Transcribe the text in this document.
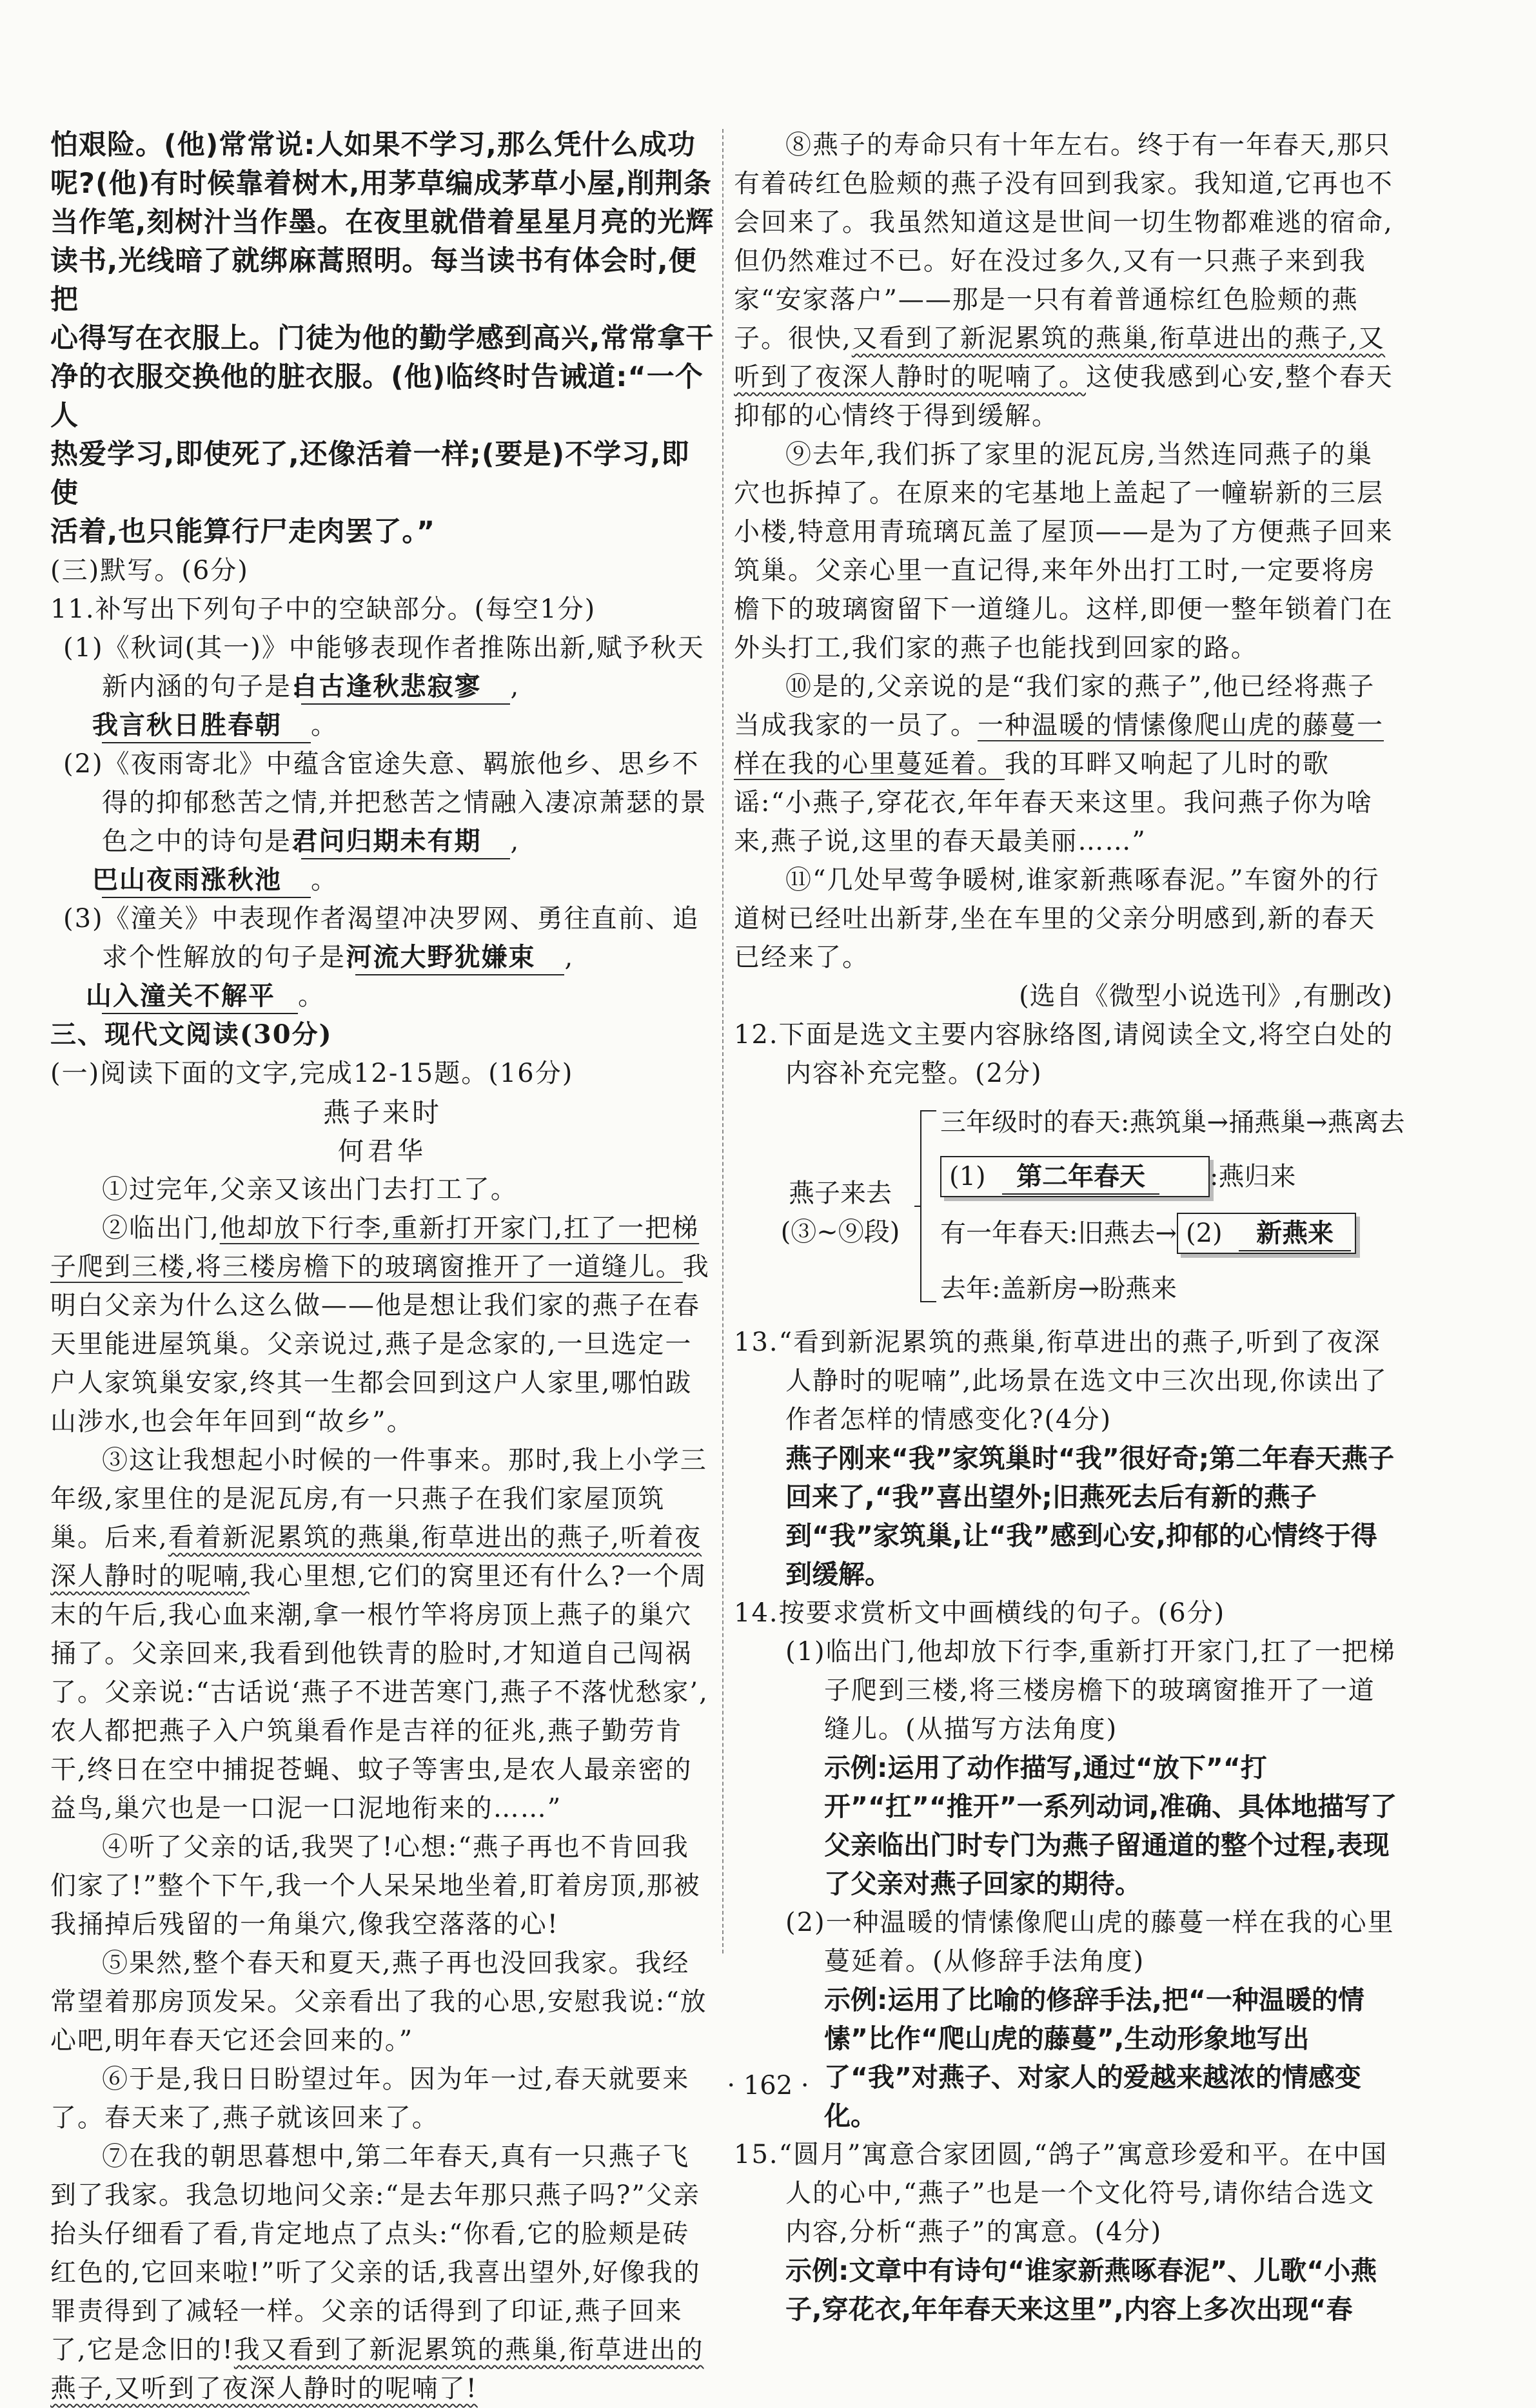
怕艰险。(他)常常说:人如果不学习,那么凭什么成功

呢?(他)有时候靠着树木,用茅草编成茅草小屋,削荆条

当作笔,刻树汁当作墨。在夜里就借着星星月亮的光辉

读书,光线暗了就绑麻蒿照明。每当读书有体会时,便把

心得写在衣服上。门徒为他的勤学感到高兴,常常拿干

净的衣服交换他的脏衣服。(他)临终时告诫道:“一个人

热爱学习,即使死了,还像活着一样;(要是)不学习,即使

活着,也只能算行尸走肉罢了。”

(三)默写。(6分)

11.补写出下列句子中的空缺部分。(每空1分)

(1)《秋词(其一)》中能够表现作者推陈出新,赋予秋天新内涵的句子是:自古逢秋悲寂寥 ,我言秋日胜春朝 。

(2)《夜雨寄北》中蕴含宦途失意、羁旅他乡、思乡不得的抑郁愁苦之情,并把愁苦之情融入凄凉萧瑟的景色之中的诗句是:君问归期未有期 ,巴山夜雨涨秋池 。

(3)《潼关》中表现作者渴望冲决罗网、勇往直前、追求个性解放的句子是:河流大野犹嫌束 ,山入潼关不解平 。

三、现代文阅读(30分)

(一)阅读下面的文字,完成12-15题。(16分)

燕子来时

何君华

①过完年,父亲又该出门去打工了。

②临出门,他却放下行李,重新打开家门,扛了一把梯子爬到三楼,将三楼房檐下的玻璃窗推开了一道缝儿。我明白父亲为什么这么做——他是想让我们家的燕子在春天里能进屋筑巢。父亲说过,燕子是念家的,一旦选定一户人家筑巢安家,终其一生都会回到这户人家里,哪怕跋山涉水,也会年年回到“故乡”。

③这让我想起小时候的一件事来。那时,我上小学三年级,家里住的是泥瓦房,有一只燕子在我们家屋顶筑巢。后来,看着新泥累筑的燕巢,衔草进出的燕子,听着夜深人静时的呢喃,我心里想,它们的窝里还有什么?一个周末的午后,我心血来潮,拿一根竹竿将房顶上燕子的巢穴捅了。父亲回来,我看到他铁青的脸时,才知道自己闯祸了。父亲说:“古话说‘燕子不进苦寒门,燕子不落忧愁家’,农人都把燕子入户筑巢看作是吉祥的征兆,燕子勤劳肯干,终日在空中捕捉苍蝇、蚊子等害虫,是农人最亲密的益鸟,巢穴也是一口泥一口泥地衔来的……”

④听了父亲的话,我哭了!心想:“燕子再也不肯回我们家了!”整个下午,我一个人呆呆地坐着,盯着房顶,那被我捅掉后残留的一角巢穴,像我空落落的心!

⑤果然,整个春天和夏天,燕子再也没回我家。我经常望着那房顶发呆。父亲看出了我的心思,安慰我说:“放心吧,明年春天它还会回来的。”

⑥于是,我日日盼望过年。因为年一过,春天就要来了。春天来了,燕子就该回来了。

⑦在我的朝思暮想中,第二年春天,真有一只燕子飞到了我家。我急切地问父亲:“是去年那只燕子吗?”父亲抬头仔细看了看,肯定地点了点头:“你看,它的脸颊是砖红色的,它回来啦!”听了父亲的话,我喜出望外,好像我的罪责得到了减轻一样。父亲的话得到了印证,燕子回来了,它是念旧的!我又看到了新泥累筑的燕巢,衔草进出的燕子,又听到了夜深人静时的呢喃了!

⑧燕子的寿命只有十年左右。终于有一年春天,那只有着砖红色脸颊的燕子没有回到我家。我知道,它再也不会回来了。我虽然知道这是世间一切生物都难逃的宿命,但仍然难过不已。好在没过多久,又有一只燕子来到我家“安家落户”——那是一只有着普通棕红色脸颊的燕子。很快,又看到了新泥累筑的燕巢,衔草进出的燕子,又听到了夜深人静时的呢喃了。这使我感到心安,整个春天抑郁的心情终于得到缓解。

⑨去年,我们拆了家里的泥瓦房,当然连同燕子的巢穴也拆掉了。在原来的宅基地上盖起了一幢崭新的三层小楼,特意用青琉璃瓦盖了屋顶——是为了方便燕子回来筑巢。父亲心里一直记得,来年外出打工时,一定要将房檐下的玻璃窗留下一道缝儿。这样,即便一整年锁着门在外头打工,我们家的燕子也能找到回家的路。

⑩是的,父亲说的是“我们家的燕子”,他已经将燕子当成我家的一员了。一种温暖的情愫像爬山虎的藤蔓一样在我的心里蔓延着。我的耳畔又响起了儿时的歌谣:“小燕子,穿花衣,年年春天来这里。我问燕子你为啥来,燕子说,这里的春天最美丽……”

⑪“几处早莺争暖树,谁家新燕啄春泥。”车窗外的行道树已经吐出新芽,坐在车里的父亲分明感到,新的春天已经来了。

(选自《微型小说选刊》,有删改)

12.下面是选文主要内容脉络图,请阅读全文,将空白处的内容补充完整。(2分)

燕子来去
(③~⑨段)
三年级时的春天:燕筑巢→捅燕巢→燕离去
(1) 第二年春天 :燕归来
有一年春天:旧燕去→ (2) 新燕来
去年:盖新房→盼燕来

13.“看到新泥累筑的燕巢,衔草进出的燕子,听到了夜深人静时的呢喃”,此场景在选文中三次出现,你读出了作者怎样的情感变化?(4分)

燕子刚来“我”家筑巢时“我”很好奇;第二年春天燕子回来了,“我”喜出望外;旧燕死去后有新的燕子到“我”家筑巢,让“我”感到心安,抑郁的心情终于得到缓解。

14.按要求赏析文中画横线的句子。(6分)

(1)临出门,他却放下行李,重新打开家门,扛了一把梯子爬到三楼,将三楼房檐下的玻璃窗推开了一道缝儿。(从描写方法角度)

示例:运用了动作描写,通过“放下”“打开”“扛”“推开”一系列动词,准确、具体地描写了父亲临出门时专门为燕子留通道的整个过程,表现了父亲对燕子回家的期待。

(2)一种温暖的情愫像爬山虎的藤蔓一样在我的心里蔓延着。(从修辞手法角度)

示例:运用了比喻的修辞手法,把“一种温暖的情愫”比作“爬山虎的藤蔓”,生动形象地写出了“我”对燕子、对家人的爱越来越浓的情感变化。

15.“圆月”寓意合家团圆,“鸽子”寓意珍爱和平。在中国人的心中,“燕子”也是一个文化符号,请你结合选文内容,分析“燕子”的寓意。(4分)

示例:文章中有诗句“谁家新燕啄春泥”、儿歌“小燕子,穿花衣,年年春天来这里”,内容上多次出现“春

· 162 ·
